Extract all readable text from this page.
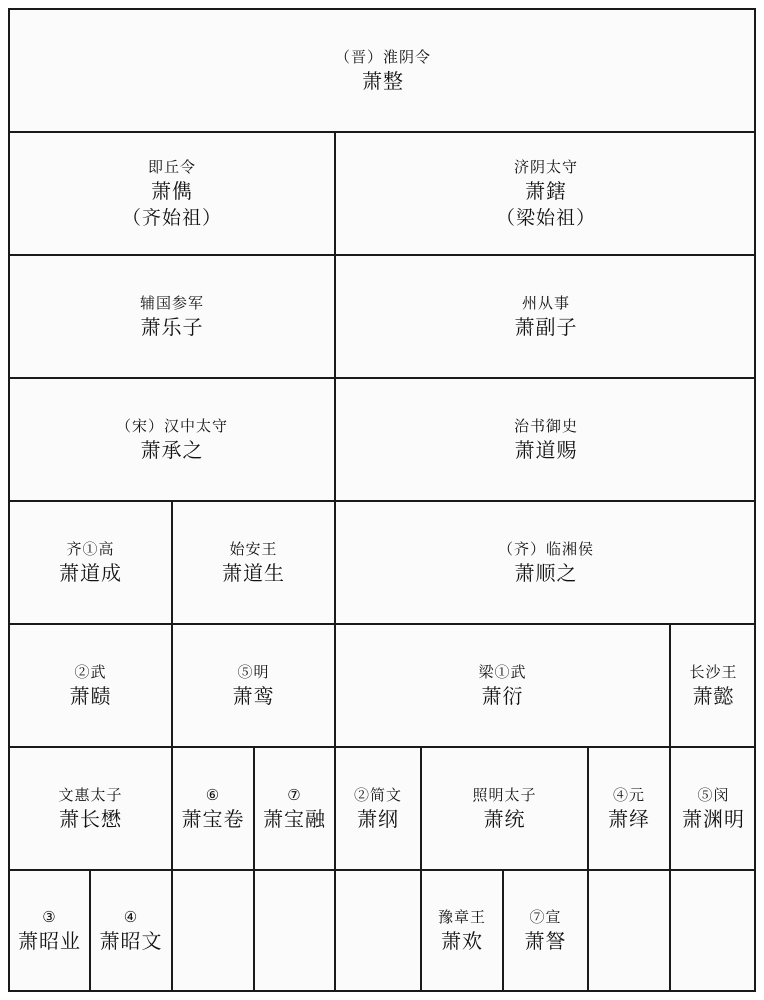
（晋）淮阴令
萧整
即丘令
萧儁
（齐始祖）
济阴太守
萧鎋
（梁始祖）
辅国参军
萧乐子
州从事
萧副子
（宋）汉中太守
萧承之
治书御史
萧道赐
齐①高
萧道成
始安王
萧道生
（齐）临湘侯
萧顺之
②武
萧赜
⑤明
萧鸾
梁①武
萧衍
长沙王
萧懿
文惠太子
萧长懋
⑥
萧宝卷
⑦
萧宝融
②简文
萧纲
照明太子
萧统
④元
萧绎
⑤闵
萧渊明
③
萧昭业
④
萧昭文
豫章王
萧欢
⑦宣
萧詧
